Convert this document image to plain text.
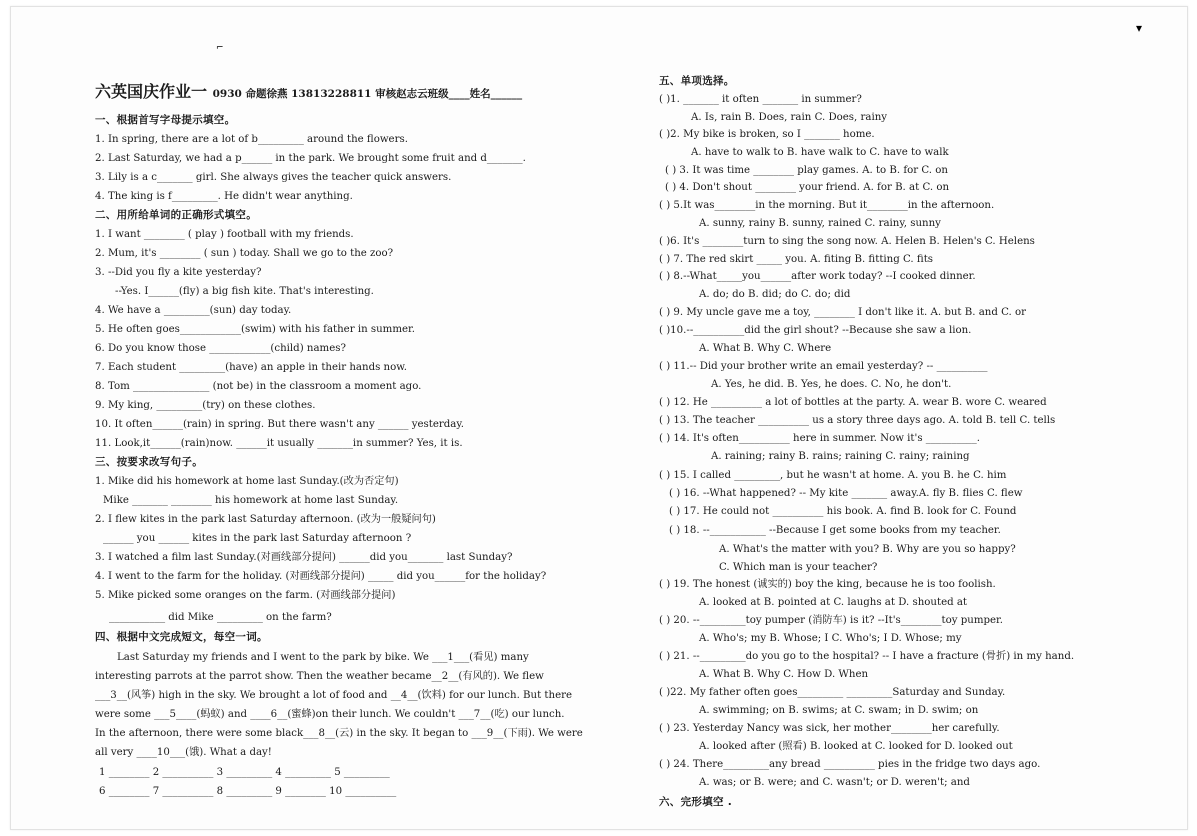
⌐
▾
六英国庆作业一 0930 命题徐燕 13813228811 审核赵志云班级____姓名______
一、根据首写字母提示填空。
1. In spring, there are a lot of b_________ around the flowers.
2. Last Saturday, we had a p______ in the park. We brought some fruit and d_______.
3. Lily is a c_______ girl. She always gives the teacher quick answers.
4. The king is f_________. He didn't wear anything.
二、用所给单词的正确形式填空。
1. I want ________ ( play ) football with my friends.
2. Mum, it's ________ ( sun ) today. Shall we go to the zoo?
3. --Did you fly a kite yesterday?
--Yes. I______(fly) a big fish kite. That's interesting.
4. We have a _________(sun) day today.
5. He often goes____________(swim) with his father in summer.
6. Do you know those ____________(child) names?
7. Each student _________(have) an apple in their hands now.
8. Tom _______________ (not be) in the classroom a moment ago.
9. My king, _________(try) on these clothes.
10. It often______(rain) in spring. But there wasn't any ______ yesterday.
11. Look,it______(rain)now. ______it usually _______in summer? Yes, it is.
三、按要求改写句子。
1. Mike did his homework at home last Sunday.(改为否定句)
Mike _______ ________ his homework at home last Sunday.
2. I flew kites in the park last Saturday afternoon. (改为一般疑问句)
______ you ______ kites in the park last Saturday afternoon ?
3. I watched a film last Sunday.(对画线部分提问) ______did you_______ last Sunday?
4. I went to the farm for the holiday. (对画线部分提问) _____ did you______for the holiday?
5. Mike picked some oranges on the farm. (对画线部分提问)
___________ did Mike _________ on the farm?
四、根据中文完成短文，每空一词。
Last Saturday my friends and I went to the park by bike. We ___1___(看见) many
interesting parrots at the parrot show. Then the weather became__2__(有风的). We flew
___3__(风筝) high in the sky. We brought a lot of food and __4__(饮料) for our lunch. But there
were some ___5____(蚂蚁) and ____6__(蜜蜂)on their lunch. We couldn't ___7__(吃) our lunch.
In the afternoon, there were some black___8__(云) in the sky. It began to ___9__(下雨). We were
all very ____10___(饿). What a day!
1 ________ 2 __________ 3 _________ 4 _________ 5 _________
6 ________ 7 __________ 8 _________ 9 ________ 10 __________
五、单项选择。
( )1. _______ it often _______ in summer?
A. Is, rain B. Does, rain C. Does, rainy
( )2. My bike is broken, so I _______ home.
A. have to walk to B. have walk to C. have to walk
( ) 3. It was time ________ play games. A. to B. for C. on
( ) 4. Don't shout ________ your friend. A. for B. at C. on
( ) 5.It was________in the morning. But it________in the afternoon.
A. sunny, rainy B. sunny, rained C. rainy, sunny
( )6. It's ________turn to sing the song now. A. Helen B. Helen's C. Helens
( ) 7. The red skirt _____ you. A. fiting B. fitting C. fits
( ) 8.--What_____you______after work today? --I cooked dinner.
A. do; do B. did; do C. do; did
( ) 9. My uncle gave me a toy, ________ I don't like it. A. but B. and C. or
( )10.--__________did the girl shout? --Because she saw a lion.
A. What B. Why C. Where
( ) 11.-- Did your brother write an email yesterday? -- __________
A. Yes, he did. B. Yes, he does. C. No, he don't.
( ) 12. He __________ a lot of bottles at the party. A. wear B. wore C. weared
( ) 13. The teacher __________ us a story three days ago. A. told B. tell C. tells
( ) 14. It's often__________ here in summer. Now it's __________.
A. raining; rainy B. rains; raining C. rainy; raining
( ) 15. I called _________, but he wasn't at home. A. you B. he C. him
( ) 16. --What happened? -- My kite _______ away.A. fly B. flies C. flew
( ) 17. He could not __________ his book. A. find B. look for C. Found
( ) 18. --___________ --Because I get some books from my teacher.
A. What's the matter with you? B. Why are you so happy?
C. Which man is your teacher?
( ) 19. The honest (诚实的) boy the king, because he is too foolish.
A. looked at B. pointed at C. laughs at D. shouted at
( ) 20. --_________toy pumper (消防车) is it? --It's________toy pumper.
A. Who's; my B. Whose; I C. Who's; I D. Whose; my
( ) 21. --_________do you go to the hospital? -- I have a fracture (骨折) in my hand.
A. What B. Why C. How D. When
( )22. My father often goes_________ _________Saturday and Sunday.
A. swimming; on B. swims; at C. swam; in D. swim; on
( ) 23. Yesterday Nancy was sick, her mother________her carefully.
A. looked after (照看) B. looked at C. looked for D. looked out
( ) 24. There_________any bread __________ pies in the fridge two days ago.
A. was; or B. were; and C. wasn't; or D. weren't; and
六、完形填空 .
